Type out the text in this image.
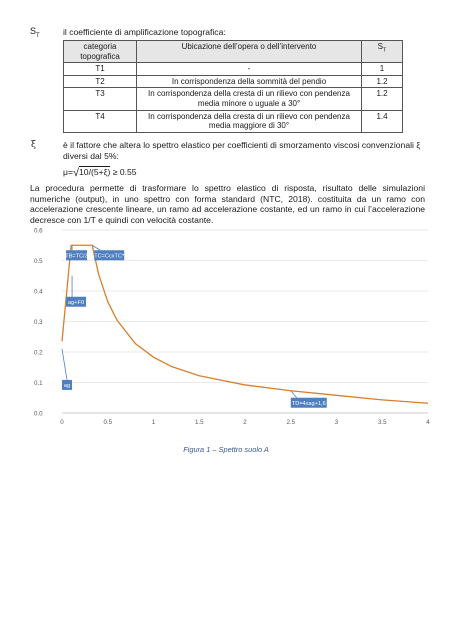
$S_T$	il coefficiente di amplificazione topografica:
categoria topografica	Ubicazione dell’opera o dell’intervento	$S_T$
T1	-	1
T2	In corrispondenza della sommità del pendio	1.2
T3	In corrispondenza della cresta di un rilievo con pendenza media minore o uguale a 30°	1.2
T4	In corrispondenza della cresta di un rilievo con pendenza media maggiore di 30°	1.4
ξ	è il fattore che altera lo spettro elastico per coefficienti di smorzamento viscosi convenzionali ξ diversi dal 5%:
μ= √ 10/(5+ξ) ≥ 0.55
La procedura permette di trasformare lo spettro elastico di risposta, risultato delle simulazioni numeriche (output), in uno spettro con forma standard (NTC, 2018). costituita da un ramo con accelerazione crescente lineare, un ramo ad accelerazione costante, ed un ramo in cui l’accelerazione decresce con 1/T e quindi con velocità costante.
0.0
0.1
0.2
0.3
0.4
0.5
0.6
0	0.5	1	1.5	2	2.5	3	3.5	4
TB=TC/3 TC=CcxTC*
ag+F0
ag
TD=4xag+1,6
Figura 1 – Spettro suolo A
